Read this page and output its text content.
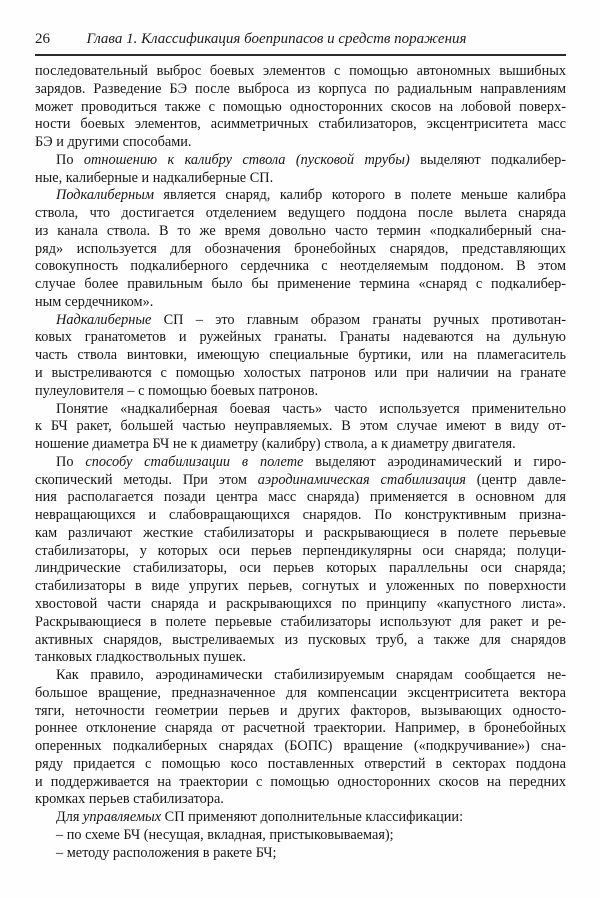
26	Глава 1. Классификация боеприпасов и средств поражения
последовательный выброс боевых элементов с помощью автономных вышибных
зарядов. Разведение БЭ после выброса из корпуса по радиальным направлениям
может проводиться также с помощью односторонних скосов на лобовой поверх-
ности боевых элементов, асимметричных стабилизаторов, эксцентриситета масс
БЭ и другими способами.
По отношению к калибру ствола (пусковой трубы) выделяют подкалибер-
ные, калиберные и надкалиберные СП.
Подкалиберным является снаряд, калибр которого в полете меньше калибра
ствола, что достигается отделением ведущего поддона после вылета снаряда
из канала ствола. В то же время довольно часто термин «подкалиберный сна-
ряд» используется для обозначения бронебойных снарядов, представляющих
совокупность подкалиберного сердечника с неотделяемым поддоном. В этом
случае более правильным было бы применение термина «снаряд с подкалибер-
ным сердечником».
Надкалиберные СП – это главным образом гранаты ручных противотан-
ковых гранатометов и ружейных гранаты. Гранаты надеваются на дульную
часть ствола винтовки, имеющую специальные буртики, или на пламегаситель
и выстреливаются с помощью холостых патронов или при наличии на гранате
пулеуловителя – с помощью боевых патронов.
Понятие «надкалиберная боевая часть» часто используется применительно
к БЧ ракет, большей частью неуправляемых. В этом случае имеют в виду от-
ношение диаметра БЧ не к диаметру (калибру) ствола, а к диаметру двигателя.
По способу стабилизации в полете выделяют аэродинамический и гиро-
скопический методы. При этом аэродинамическая стабилизация (центр давле-
ния располагается позади центра масс снаряда) применяется в основном для
невращающихся и слабовращающихся снарядов. По конструктивным призна-
кам различают жесткие стабилизаторы и раскрывающиеся в полете перьевые
стабилизаторы, у которых оси перьев перпендикулярны оси снаряда; полуци-
линдрические стабилизаторы, оси перьев которых параллельны оси снаряда;
стабилизаторы в виде упругих перьев, согнутых и уложенных по поверхности
хвостовой части снаряда и раскрывающихся по принципу «капустного листа».
Раскрывающиеся в полете перьевые стабилизаторы используют для ракет и ре-
активных снарядов, выстреливаемых из пусковых труб, а также для снарядов
танковых гладкоствольных пушек.
Как правило, аэродинамически стабилизируемым снарядам сообщается не-
большое вращение, предназначенное для компенсации эксцентриситета вектора
тяги, неточности геометрии перьев и других факторов, вызывающих односто-
роннее отклонение снаряда от расчетной траектории. Например, в бронебойных
оперенных подкалиберных снарядах (БОПС) вращение («подкручивание») сна-
ряду придается с помощью косо поставленных отверстий в секторах поддона
и поддерживается на траектории с помощью односторонних скосов на передних
кромках перьев стабилизатора.
Для управляемых СП применяют дополнительные классификации:
– по схеме БЧ (несущая, вкладная, пристыковываемая);
– методу расположения в ракете БЧ;
